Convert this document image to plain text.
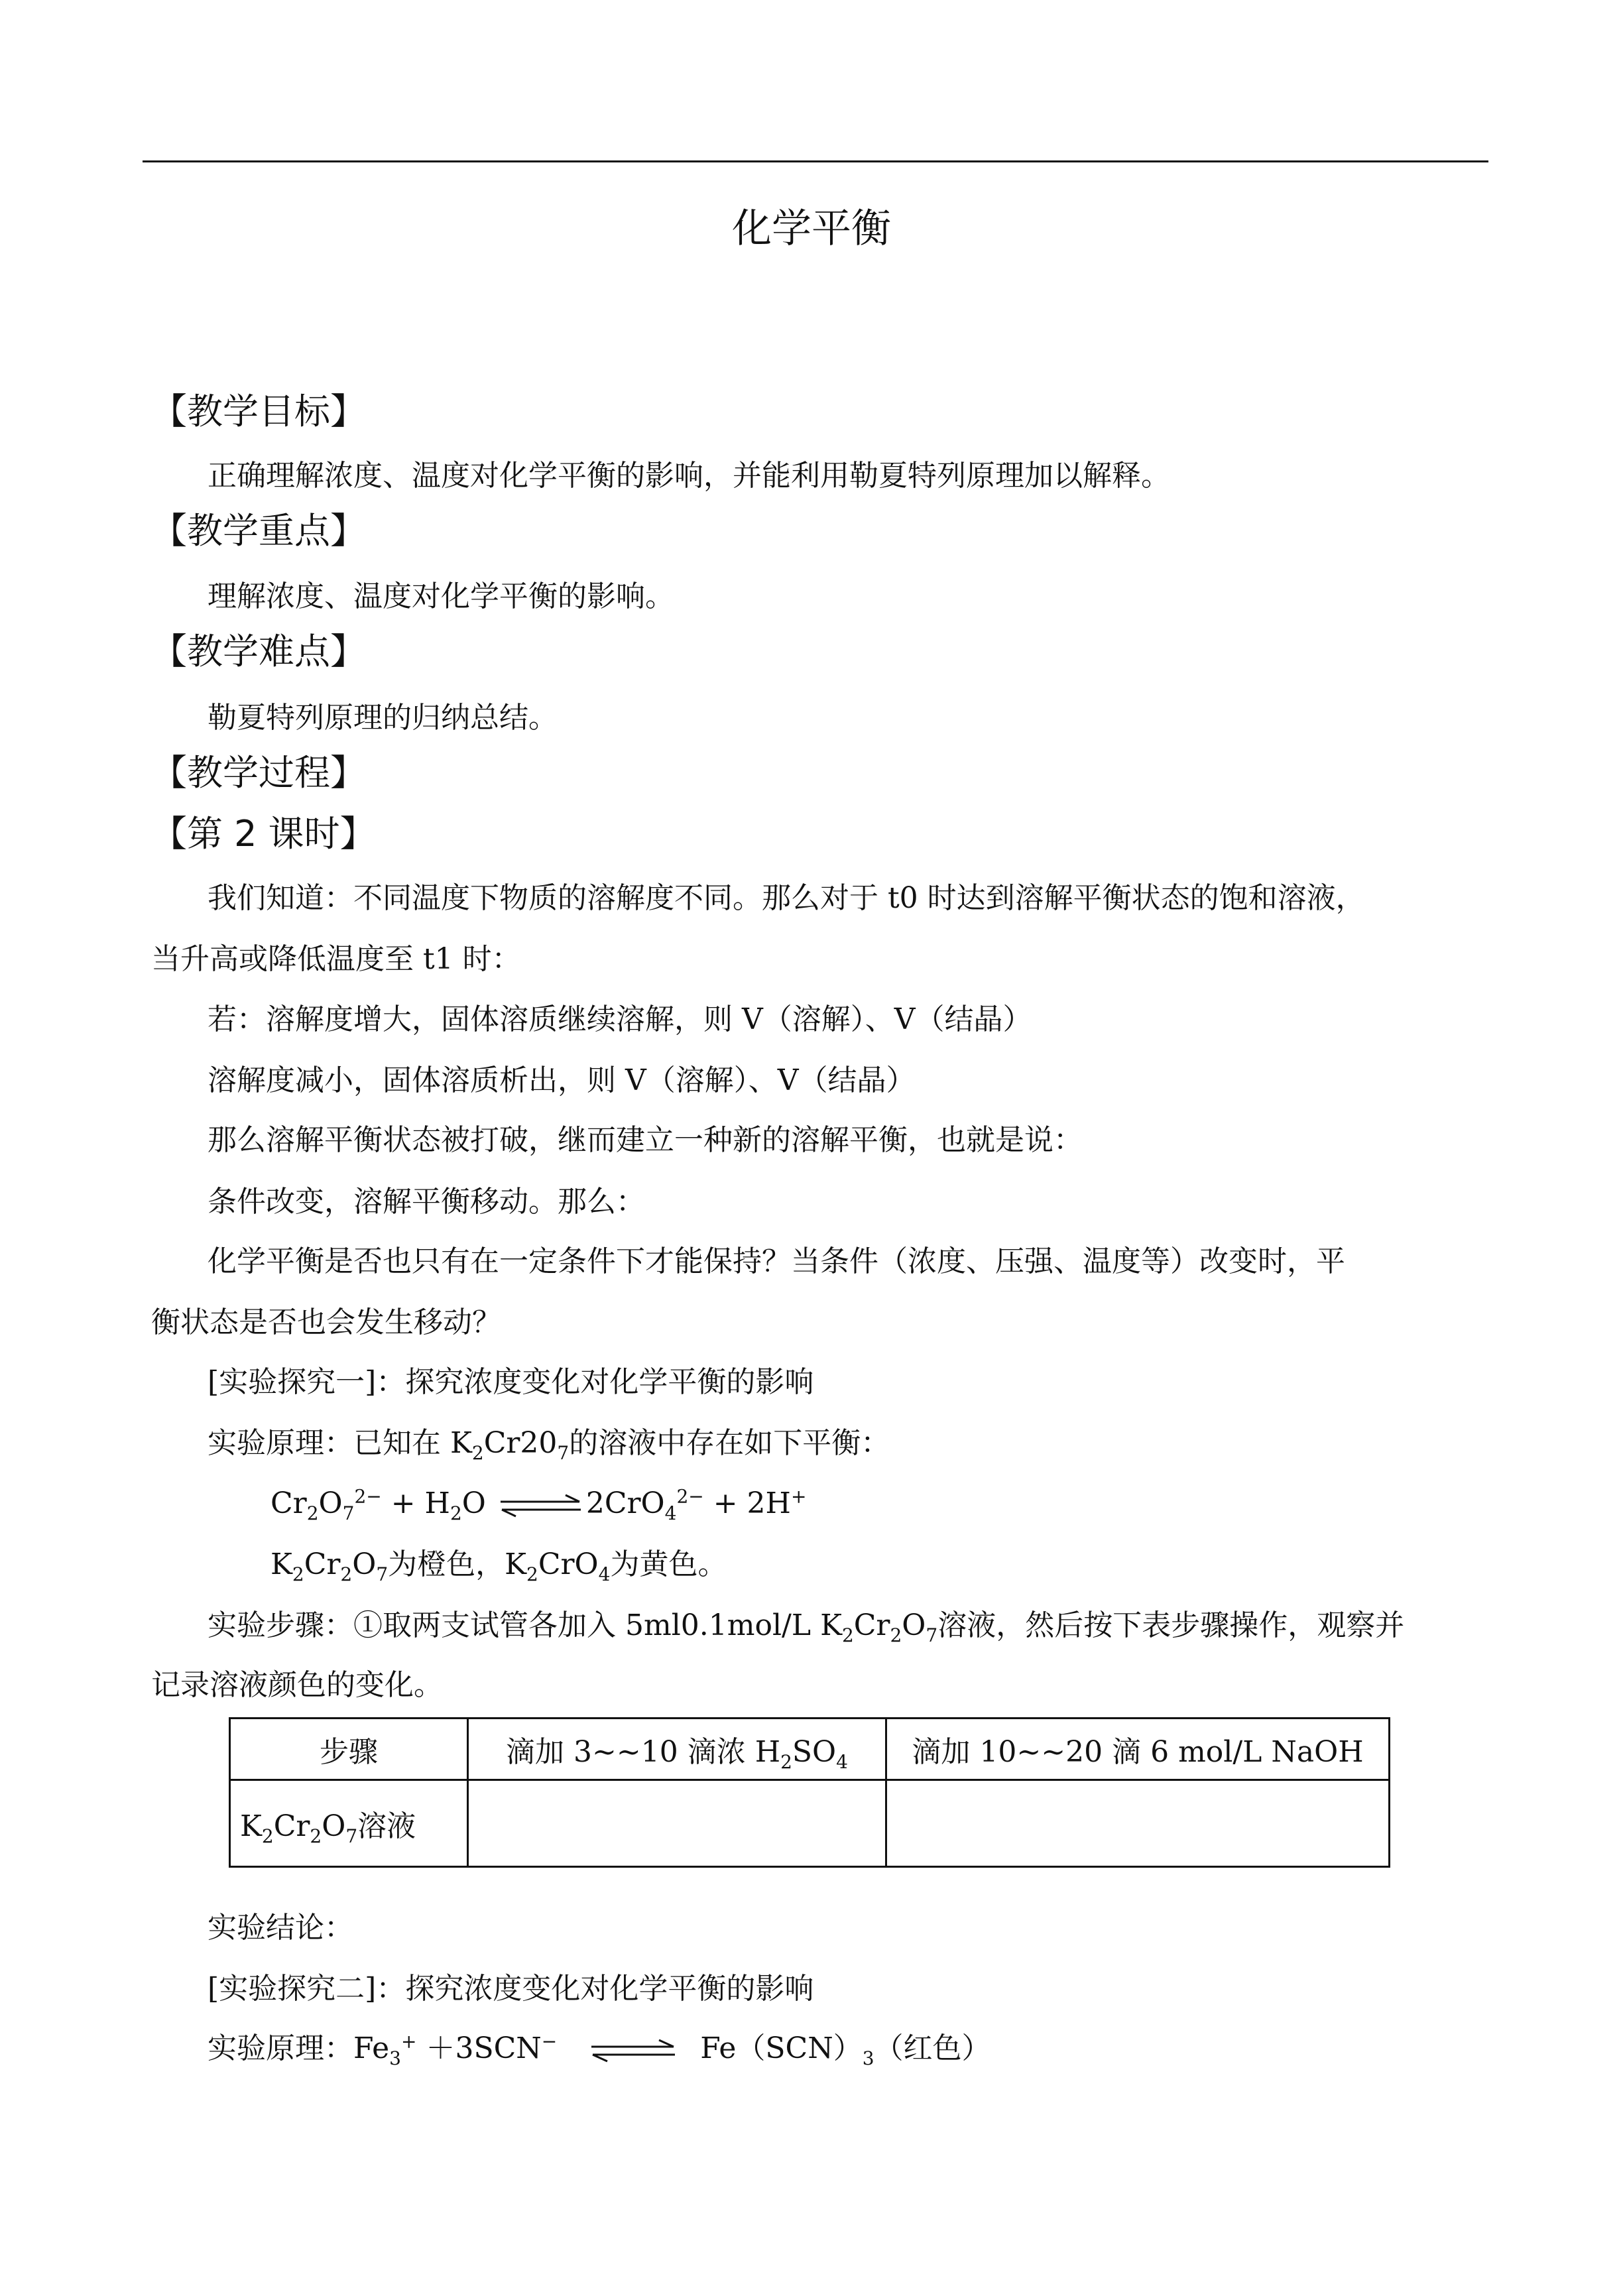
化学平衡
【教学目标】
正确理解浓度、温度对化学平衡的影响，并能利用勒夏特列原理加以解释。
【教学重点】
理解浓度、温度对化学平衡的影响。
【教学难点】
勒夏特列原理的归纳总结。
【教学过程】
【第 2 课时】
我们知道：不同温度下物质的溶解度不同。那么对于 t0 时达到溶解平衡状态的饱和溶液，
当升高或降低温度至 t1 时：
若：溶解度增大，固体溶质继续溶解，则 V（溶解）、V（结晶）
溶解度减小，固体溶质析出，则 V（溶解）、V（结晶）
那么溶解平衡状态被打破，继而建立一种新的溶解平衡，也就是说：
条件改变，溶解平衡移动。那么：
化学平衡是否也只有在一定条件下才能保持？当条件（浓度、压强、温度等）改变时，平
衡状态是否也会发生移动？
[实验探究一]：探究浓度变化对化学平衡的影响
实验原理：已知在 $K_2Cr20_7$的溶液中存在如下平衡：
$Cr_2O_7^{2-} + H_2O$ ⇌ 2CrO$_4^{2-}$ + 2H+
$K_2Cr_2O_7$为橙色，$K_2CrO_4$为黄色。
实验步骤：①取两支试管各加入 5ml0.1mol/L $K_2Cr_2O_7$溶液，然后按下表步骤操作，观察并
记录溶液颜色的变化。
步骤	滴加 3~~10 滴浓 $H_2SO_4$	滴加 10~~20 滴 6 mol/L NaOH
$K_2Cr_2O_7$溶液		
实验结论：
[实验探究二]：探究浓度变化对化学平衡的影响
实验原理：$Fe_3^+ +3SCN^-$ ⇌ $Fe(SCN)_3$（红色）
